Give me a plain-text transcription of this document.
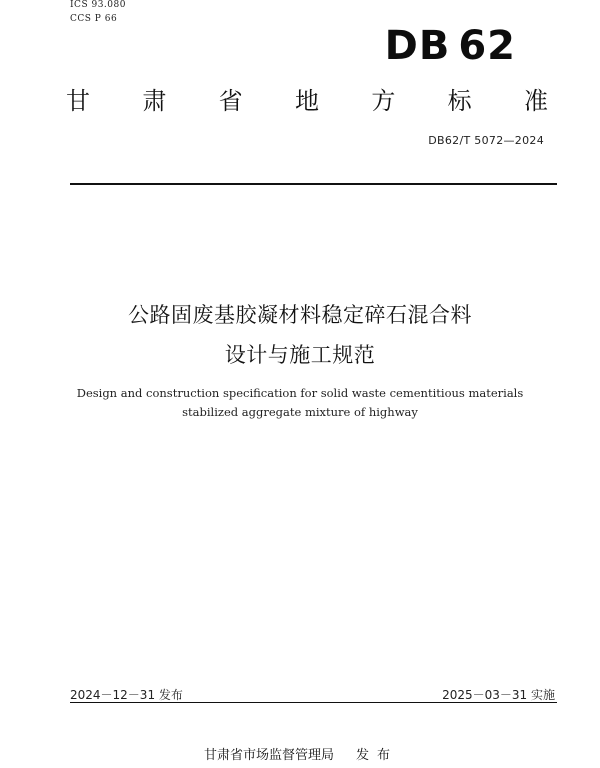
ICS 93.080
CCS P 66
DB 62
甘 肃 省 地 方 标 准
DB62/T 5072—2024
公路固废基胶凝材料稳定碎石混合料
设计与施工规范
Design and construction specification for solid waste cementitious materials
stabilized aggregate mixture of highway
2024－12－31 发布	2025－03－31 实施
甘肃省市场监督管理局 发布
